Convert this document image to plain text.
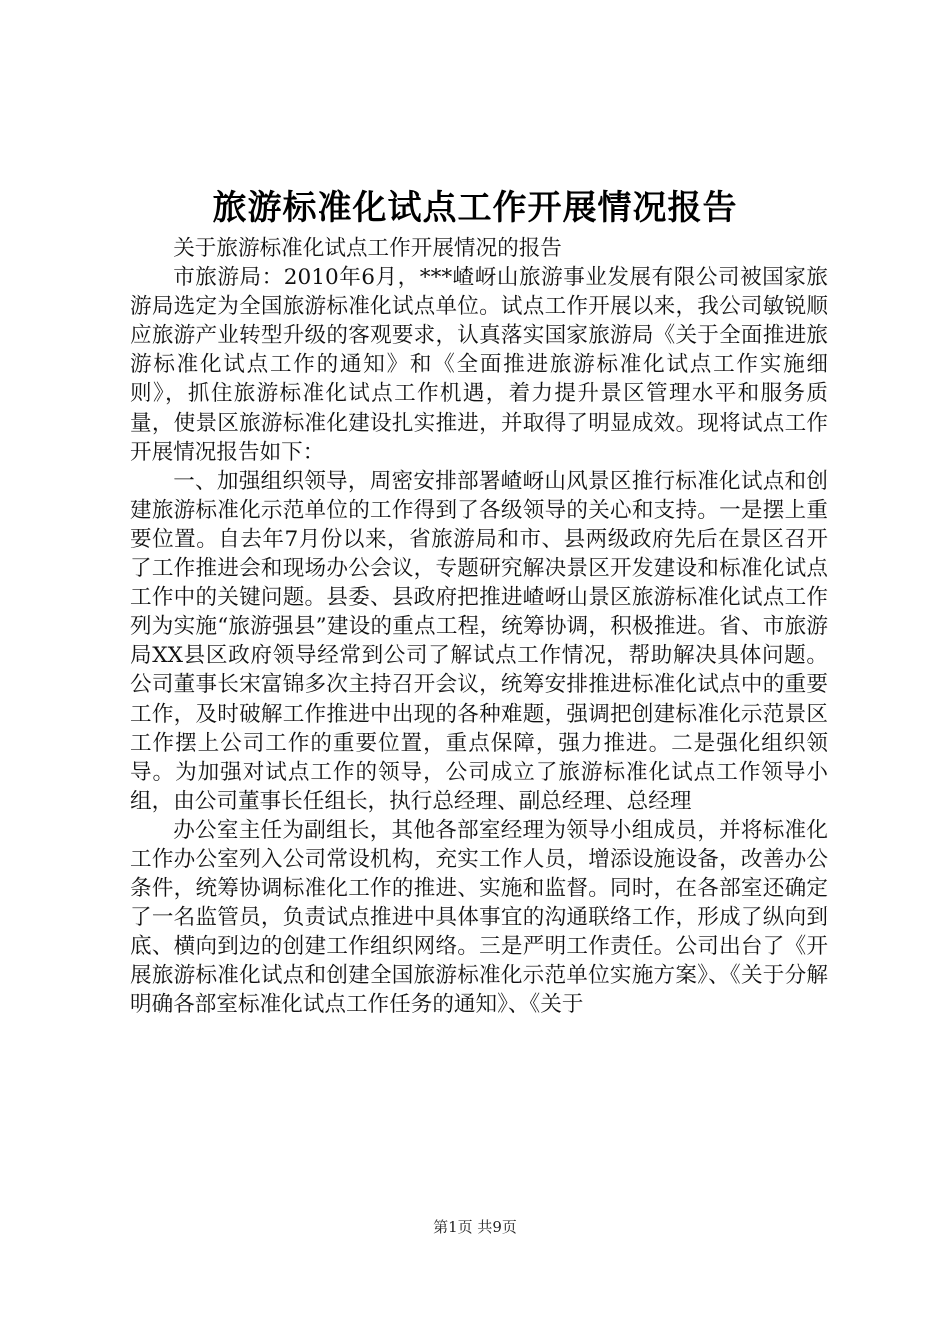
旅游标准化试点工作开展情况报告

关于旅游标准化试点工作开展情况的报告

市旅游局：2010年6月，***嵖岈山旅游事业发展有限公司被国家旅游局选定为全国旅游标准化试点单位。试点工作开展以来，我公司敏锐顺应旅游产业转型升级的客观要求，认真落实国家旅游局《关于全面推进旅游标准化试点工作的通知》和《全面推进旅游标准化试点工作实施细则》，抓住旅游标准化试点工作机遇，着力提升景区管理水平和服务质量，使景区旅游标准化建设扎实推进，并取得了明显成效。现将试点工作开展情况报告如下：

一、加强组织领导，周密安排部署嵖岈山风景区推行标准化试点和创建旅游标准化示范单位的工作得到了各级领导的关心和支持。一是摆上重要位置。自去年7月份以来，省旅游局和市、县两级政府先后在景区召开了工作推进会和现场办公会议，专题研究解决景区开发建设和标准化试点工作中的关键问题。县委、县政府把推进嵖岈山景区旅游标准化试点工作列为实施“旅游强县”建设的重点工程，统筹协调，积极推进。省、市旅游局XX县区政府领导经常到公司了解试点工作情况，帮助解决具体问题。公司董事长宋富锦多次主持召开会议，统筹安排推进标准化试点中的重要工作，及时破解工作推进中出现的各种难题，强调把创建标准化示范景区工作摆上公司工作的重要位置，重点保障，强力推进。二是强化组织领导。为加强对试点工作的领导，公司成立了旅游标准化试点工作领导小组，由公司董事长任组长，执行总经理、副总经理、总经理

办公室主任为副组长，其他各部室经理为领导小组成员，并将标准化工作办公室列入公司常设机构，充实工作人员，增添设施设备，改善办公条件，统筹协调标准化工作的推进、实施和监督。同时，在各部室还确定了一名监管员，负责试点推进中具体事宜的沟通联络工作，形成了纵向到底、横向到边的创建工作组织网络。三是严明工作责任。公司出台了《开展旅游标准化试点和创建全国旅游标准化示范单位实施方案》、《关于分解明确各部室标准化试点工作任务的通知》、《关于

第1页 共9页
